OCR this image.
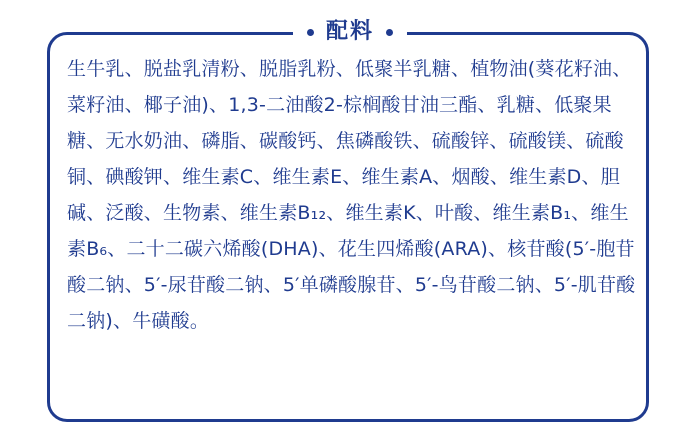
配料

生牛乳、脱盐乳清粉、脱脂乳粉、低聚半乳糖、植物油(葵花籽油、菜籽油、椰子油)、1,3-二油酸2-棕榈酸甘油三酯、乳糖、低聚果糖、无水奶油、磷脂、碳酸钙、焦磷酸铁、硫酸锌、硫酸镁、硫酸铜、碘酸钾、维生素C、维生素E、维生素A、烟酸、维生素D、胆碱、泛酸、生物素、维生素B₁₂、维生素K、叶酸、维生素B₁、维生素B₆、二十二碳六烯酸(DHA)、花生四烯酸(ARA)、核苷酸(5′-胞苷酸二钠、5′-尿苷酸二钠、5′单磷酸腺苷、5′-鸟苷酸二钠、5′-肌苷酸二钠)、牛磺酸。
